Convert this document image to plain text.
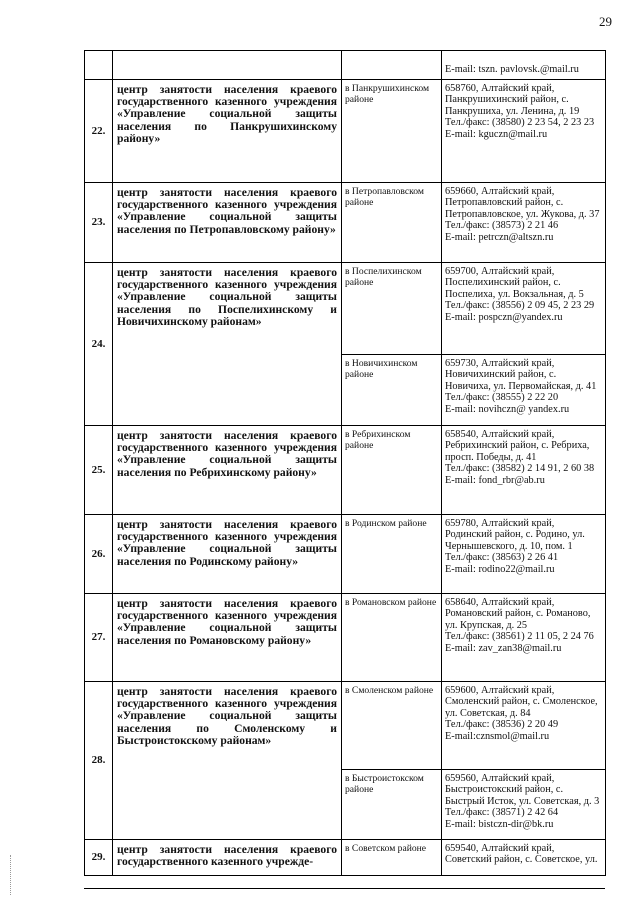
29

			E-mail: tszn. pavlovsk.@mail.ru

22.	центр занятости населения краевого государственного казенного учреждения «Управление социальной защиты населения по Панкрушихинскому району»	в Панкрушихинском районе	658760, Алтайский край, Панкрушихинский район, с. Панкрушиха, ул. Ленина, д. 19
Тел./факс: (38580) 2 23 54, 2 23 23
E-mail: kguczn@mail.ru

23.	центр занятости населения краевого государственного казенного учреждения «Управление социальной защиты населения по Петропавловскому району»	в Петропавловском районе	659660, Алтайский край, Петропавловский район, с. Петропавловское, ул. Жукова, д. 37
Тел./факс: (38573) 2 21 46
E-mail: petrczn@altszn.ru

24.	центр занятости населения краевого государственного казенного учреждения «Управление социальной защиты населения по Поспелихинскому и Новичихинскому районам»	в Поспелихинском районе	659700, Алтайский край, Поспелихинский район, с. Поспелиха, ул. Вокзальная, д. 5
Тел./факс: (38556) 2 09 45, 2 23 29
E-mail: pospczn@yandex.ru

		в Новичихинском районе	659730, Алтайский край, Новичихинский район, с. Новичиха, ул. Первомайская, д. 41
Тел./факс: (38555) 2 22 20
E-mail: novihczn@ yandex.ru

25.	центр занятости населения краевого государственного казенного учреждения «Управление социальной защиты населения по Ребрихинскому району»	в Ребрихинском районе	658540, Алтайский край, Ребрихинский район, с. Ребриха, просп. Победы, д. 41
Тел./факс: (38582) 2 14 91, 2 60 38
E-mail: fond_rbr@ab.ru

26.	центр занятости населения краевого государственного казенного учреждения «Управление социальной защиты населения по Родинскому району»	в Родинском районе	659780, Алтайский край, Родинский район, с. Родино, ул. Чернышевского, д. 10, пом. 1
Тел./факс: (38563) 2 26 41
E-mail: rodino22@mail.ru

27.	центр занятости населения краевого государственного казенного учреждения «Управление социальной защиты населения по Романовскому району»	в Романовском районе	658640, Алтайский край, Романовский район, с. Романово, ул. Крупская, д. 25
Тел./факс: (38561) 2 11 05, 2 24 76
E-mail: zav_zan38@mail.ru

28.	центр занятости населения краевого государственного казенного учреждения «Управление социальной защиты населения по Смоленскому и Быстроистокскому районам»	в Смоленском районе	659600, Алтайский край, Смоленский район, с. Смоленское, ул. Советская, д. 84
Тел./факс: (38536) 2 20 49
E-mail:cznsmol@mail.ru

		в Быстроистокском районе	659560, Алтайский край, Быстроистокский район, с. Быстрый Исток, ул. Советская, д. 3
Тел./факс: (38571) 2 42 64
E-mail: bistczn-dir@bk.ru

29.	центр занятости населения краевого государственного казенного учрежде-	в Советском районе	659540, Алтайский край, Советский район, с. Советское, ул.
